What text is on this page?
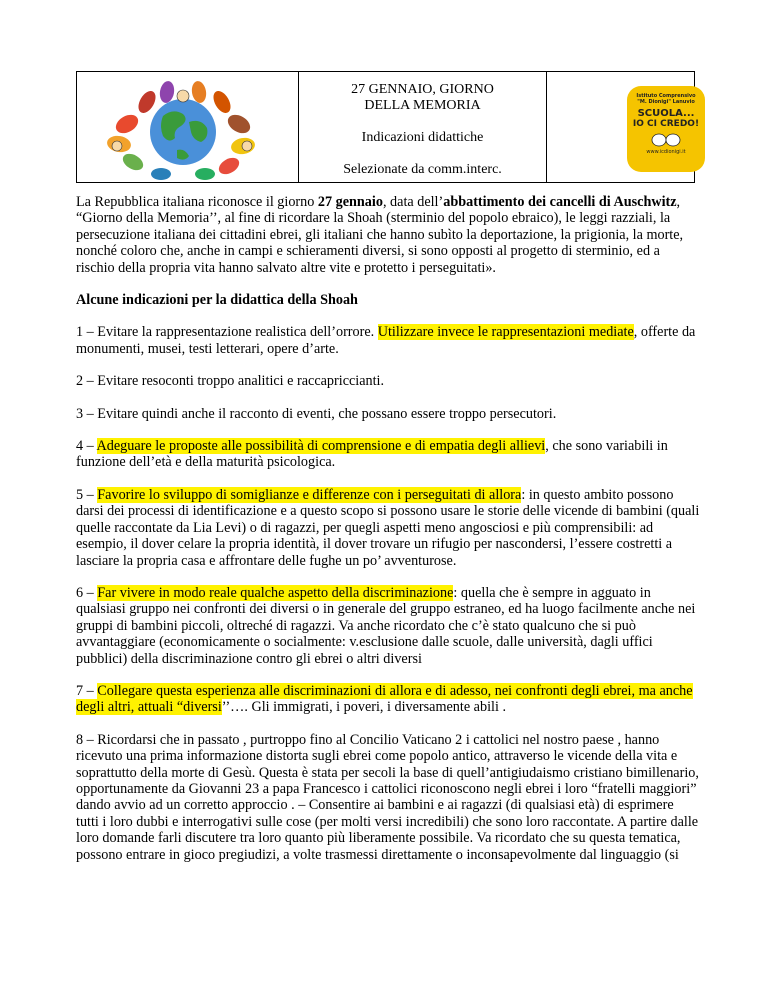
27 GENNAIO, GIORNO
DELLA MEMORIA
Indicazioni didattiche
Selezionate da comm.interc.
Istituto Comprensivo
"M. Dionigi" Lanuvio
SCUOLA...
IO CI CREDO!
www.icdionigi.it

La Repubblica italiana riconosce il giorno 27 gennaio, data dell’abbattimento dei cancelli di Auschwitz, “Giorno della Memoria’’, al fine di ricordare la Shoah (sterminio del popolo ebraico), le leggi razziali, la persecuzione italiana dei cittadini ebrei, gli italiani che hanno subìto la deportazione, la prigionia, la morte, nonché coloro che, anche in campi e schieramenti diversi, si sono opposti al progetto di sterminio, ed a rischio della propria vita hanno salvato altre vite e protetto i perseguitati».

Alcune indicazioni per la didattica della Shoah

1 – Evitare la rappresentazione realistica dell’orrore. Utilizzare invece le rappresentazioni mediate, offerte da monumenti, musei, testi letterari, opere d’arte.

2 – Evitare resoconti troppo analitici e raccapriccianti.

3 – Evitare quindi anche il racconto di eventi, che possano essere troppo persecutori.

4 – Adeguare le proposte alle possibilità di comprensione e di empatia degli allievi, che sono variabili in funzione dell’età e della maturità psicologica.

5 – Favorire lo sviluppo di somiglianze e differenze con i perseguitati di allora: in questo ambito possono darsi dei processi di identificazione e a questo scopo si possono usare le storie delle vicende di bambini (quali quelle raccontate da Lia Levi) o di ragazzi, per quegli aspetti meno angosciosi e più comprensibili: ad esempio, il dover celare la propria identità, il dover trovare un rifugio per nascondersi, l’essere costretti a lasciare la propria casa e affrontare delle fughe un po’ avventurose.

6 – Far vivere in modo reale qualche aspetto della discriminazione: quella che è sempre in agguato in qualsiasi gruppo nei confronti dei diversi o in generale del gruppo estraneo, ed ha luogo facilmente anche nei gruppi di bambini piccoli, oltreché di ragazzi. Va anche ricordato che c’è stato qualcuno che si può avvantaggiare (economicamente o socialmente: v.esclusione dalle scuole, dalle università, dagli uffici pubblici) della discriminazione contro gli ebrei o altri diversi

7 – Collegare questa esperienza alle discriminazioni di allora e di adesso, nei confronti degli ebrei, ma anche degli altri, attuali “diversi’’…. Gli immigrati, i poveri, i diversamente abili .

8 – Ricordarsi che in passato , purtroppo fino al Concilio Vaticano 2 i cattolici nel nostro paese , hanno ricevuto una prima informazione distorta sugli ebrei come popolo antico, attraverso le vicende della vita e soprattutto della morte di Gesù. Questa è stata per secoli la base di quell’antigiudaismo cristiano bimillenario, opportunamente da Giovanni 23 a papa Francesco i cattolici riconoscono negli ebrei i loro “fratelli maggiori” dando avvio ad un corretto approccio . – Consentire ai bambini e ai ragazzi (di qualsiasi età) di esprimere tutti i loro dubbi e interrogativi sulle cose (per molti versi incredibili) che sono loro raccontate. A partire dalle loro domande farli discutere tra loro quanto più liberamente possibile. Va ricordato che su questa tematica, possono entrare in gioco pregiudizi, a volte trasmessi direttamente o inconsapevolmente dal linguaggio (si
